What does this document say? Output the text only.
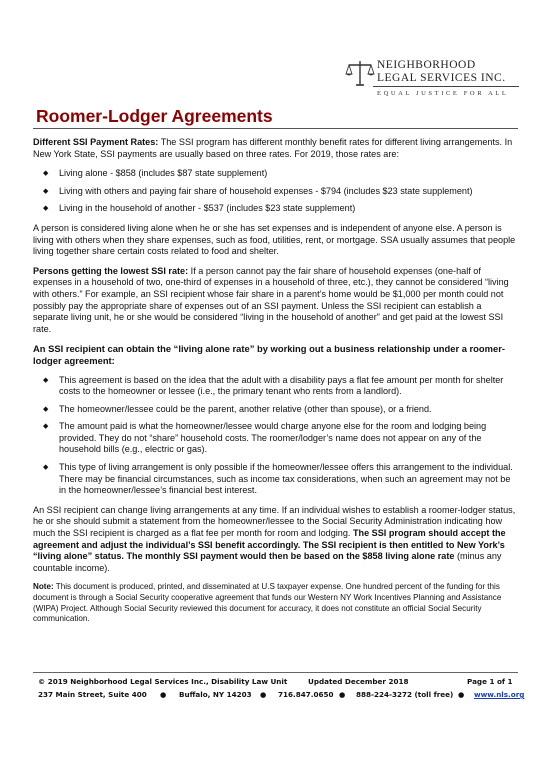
NEIGHBORHOOD
LEGAL SERVICES INC.
EQUAL JUSTICE FOR ALL
Roomer-Lodger Agreements

Different SSI Payment Rates: The SSI program has different monthly benefit rates for different living arrangements. In New York State, SSI payments are usually based on three rates. For 2019, those rates are:

◆ Living alone - $858 (includes $87 state supplement)
◆ Living with others and paying fair share of household expenses - $794 (includes $23 state supplement)
◆ Living in the household of another - $537 (includes $23 state supplement)

A person is considered living alone when he or she has set expenses and is independent of anyone else. A person is living with others when they share expenses, such as food, utilities, rent, or mortgage. SSA usually assumes that people living together share certain costs related to food and shelter.

Persons getting the lowest SSI rate: If a person cannot pay the fair share of household expenses (one-half of expenses in a household of two, one-third of expenses in a household of three, etc.), they cannot be considered “living with others.” For example, an SSI recipient whose fair share in a parent’s home would be $1,000 per month could not possibly pay the appropriate share of expenses out of an SSI payment. Unless the SSI recipient can establish a separate living unit, he or she would be considered “living in the household of another” and get paid at the lowest SSI rate.

An SSI recipient can obtain the “living alone rate” by working out a business relationship under a roomer-lodger agreement:

◆ This agreement is based on the idea that the adult with a disability pays a flat fee amount per month for shelter costs to the homeowner or lessee (i.e., the primary tenant who rents from a landlord).
◆ The homeowner/lessee could be the parent, another relative (other than spouse), or a friend.
◆ The amount paid is what the homeowner/lessee would charge anyone else for the room and lodging being provided. They do not “share” household costs. The roomer/lodger’s name does not appear on any of the household bills (e.g., electric or gas).
◆ This type of living arrangement is only possible if the homeowner/lessee offers this arrangement to the individual. There may be financial circumstances, such as income tax considerations, when such an agreement may not be in the homeowner/lessee’s financial best interest.

An SSI recipient can change living arrangements at any time. If an individual wishes to establish a roomer-lodger status, he or she should submit a statement from the homeowner/lessee to the Social Security Administration indicating how much the SSI recipient is charged as a flat fee per month for room and lodging. The SSI program should accept the agreement and adjust the individual’s SSI benefit accordingly. The SSI recipient is then entitled to New York’s “living alone” status. The monthly SSI payment would then be based on the $858 living alone rate (minus any countable income).

Note: This document is produced, printed, and disseminated at U.S taxpayer expense. One hundred percent of the funding for this document is through a Social Security cooperative agreement that funds our Western NY Work Incentives Planning and Assistance (WIPA) Project. Although Social Security reviewed this document for accuracy, it does not constitute an official Social Security communication.

© 2019 Neighborhood Legal Services Inc., Disability Law Unit	Updated December 2018	Page 1 of 1
237 Main Street, Suite 400 ● Buffalo, NY 14203 ● 716.847.0650 ● 888-224-3272 (toll free) ● www.nls.org
